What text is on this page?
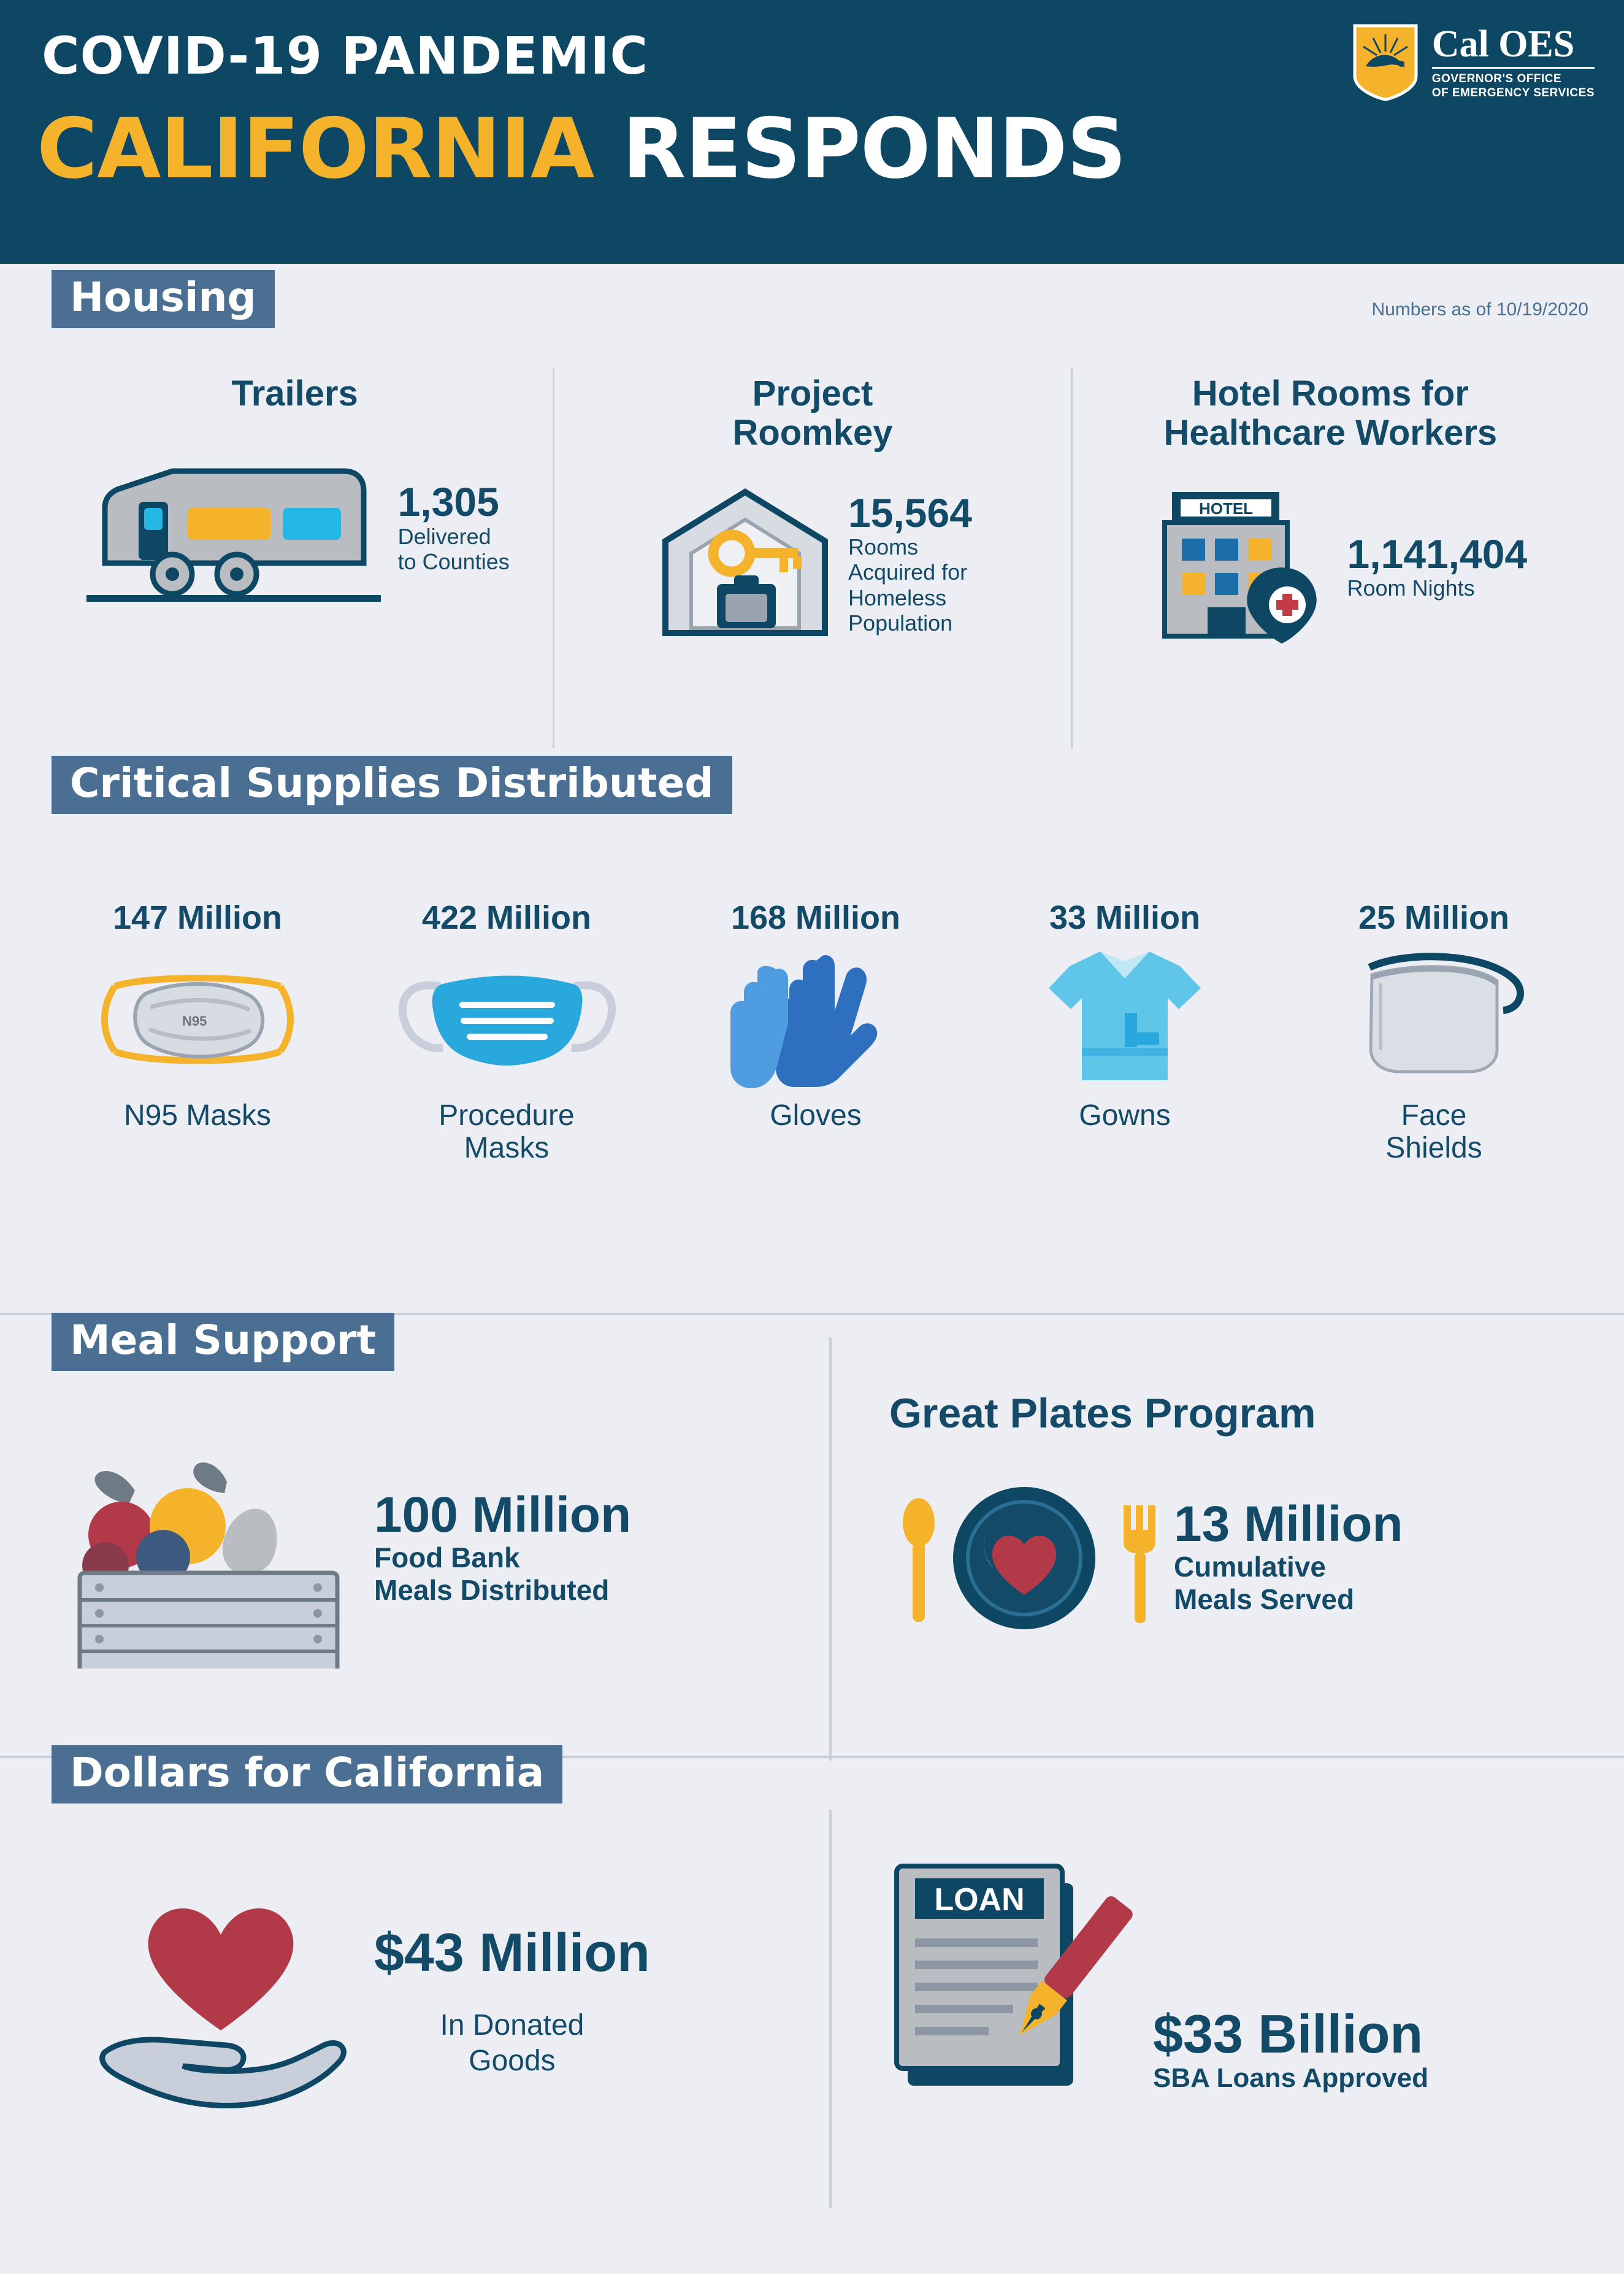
COVID-19 PANDEMIC
CALIFORNIA RESPONDS
Cal OES
GOVERNOR'S OFFICE
OF EMERGENCY SERVICES
Housing	Numbers as of 10/19/2020
Trailers
1,305
Delivered
to Counties
Project
Roomkey
15,564
Rooms
Acquired for
Homeless
Population
Hotel Rooms for
Healthcare Workers
HOTEL
1,141,404
Room Nights
Critical Supplies Distributed
147 Million
N95
N95 Masks
422 Million
Procedure
Masks
168 Million
Gloves
33 Million
Gowns
25 Million
Face
Shields
Meal Support
100 Million
Food Bank
Meals Distributed
Great Plates Program
13 Million
Cumulative
Meals Served
Dollars for California
$43 Million
In Donated
Goods
LOAN
$33 Billion
SBA Loans Approved
